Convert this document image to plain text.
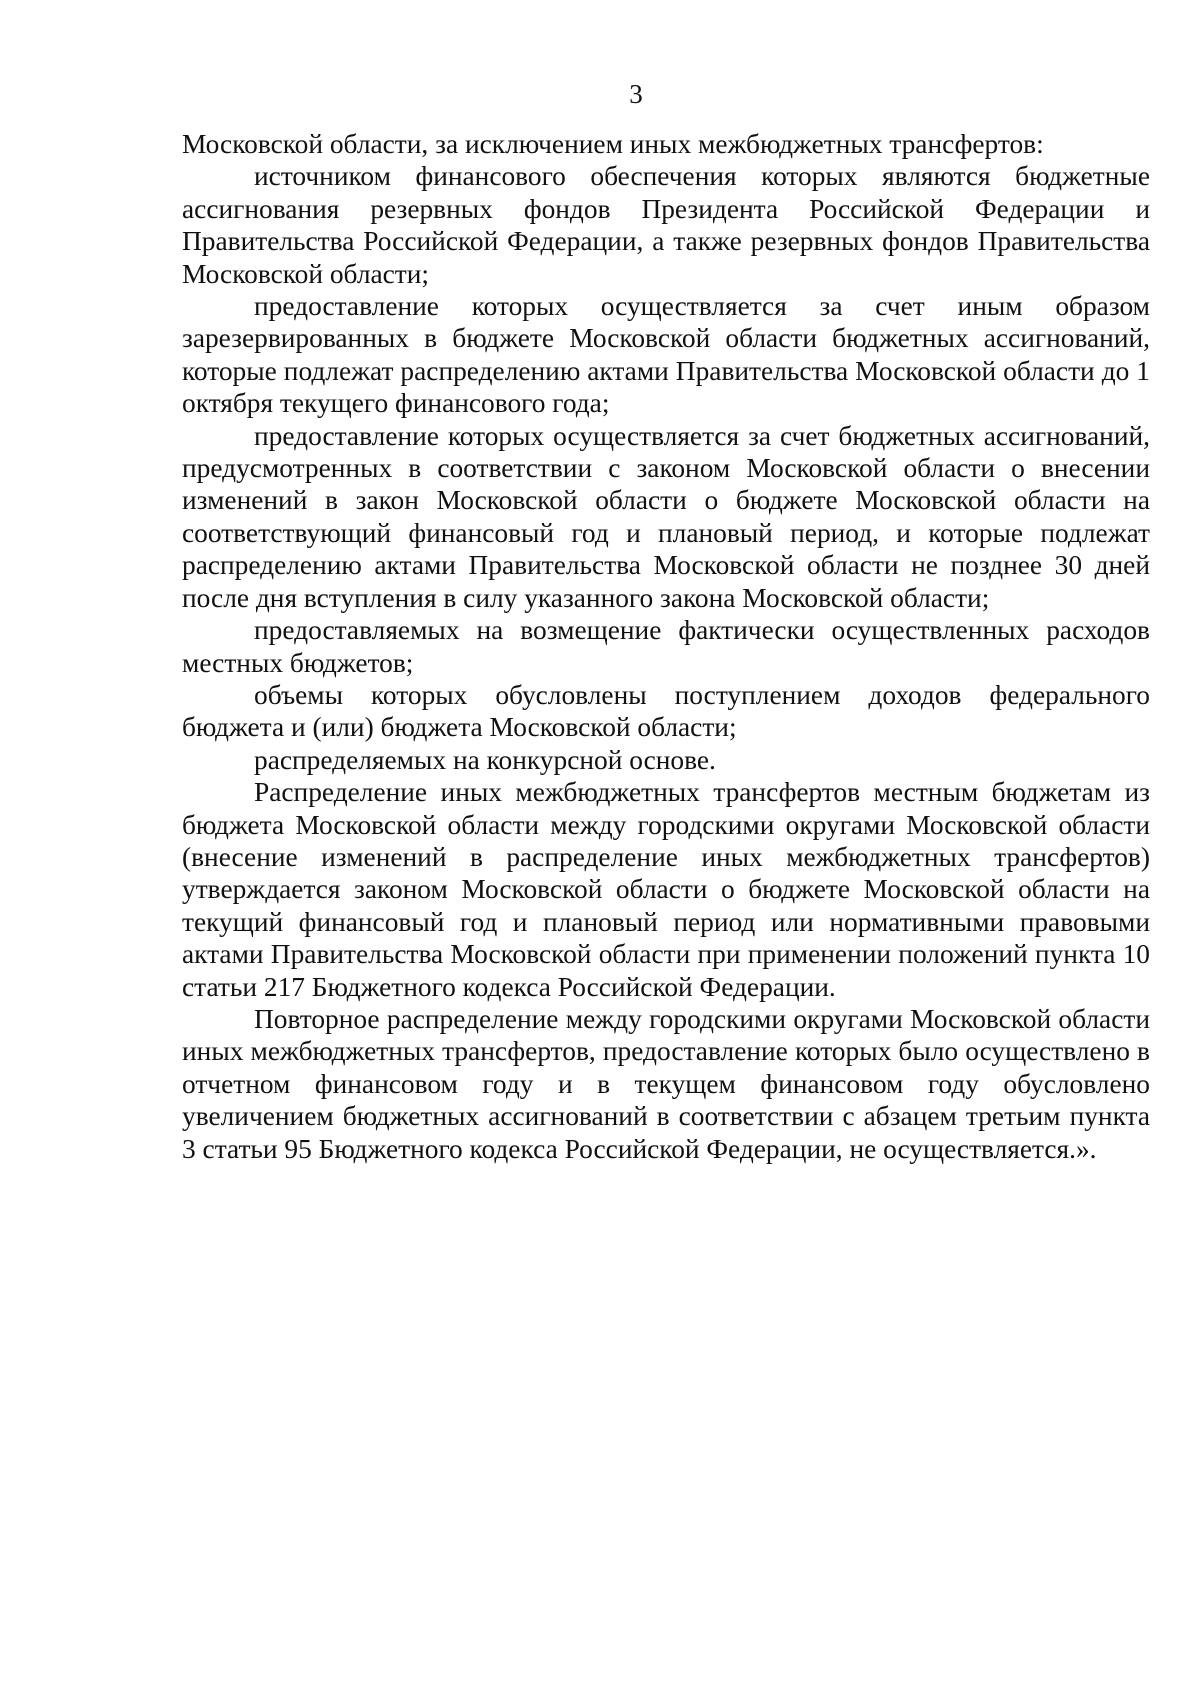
3

Московской области, за исключением иных межбюджетных трансфертов:

источником финансового обеспечения которых являются бюджетные ассигнования резервных фондов Президента Российской Федерации и Правительства Российской Федерации, а также резервных фондов Правительства Московской области;

предоставление которых осуществляется за счет иным образом зарезервированных в бюджете Московской области бюджетных ассигнований, которые подлежат распределению актами Правительства Московской области до 1 октября текущего финансового года;

предоставление которых осуществляется за счет бюджетных ассигнований, предусмотренных в соответствии с законом Московской области о внесении изменений в закон Московской области о бюджете Московской области на соответствующий финансовый год и плановый период, и которые подлежат распределению актами Правительства Московской области не позднее 30 дней после дня вступления в силу указанного закона Московской области;

предоставляемых на возмещение фактически осуществленных расходов местных бюджетов;

объемы которых обусловлены поступлением доходов федерального бюджета и (или) бюджета Московской области;

распределяемых на конкурсной основе.

Распределение иных межбюджетных трансфертов местным бюджетам из бюджета Московской области между городскими округами Московской области (внесение изменений в распределение иных межбюджетных трансфертов) утверждается законом Московской области о бюджете Московской области на текущий финансовый год и плановый период или нормативными правовыми актами Правительства Московской области при применении положений пункта 10 статьи 217 Бюджетного кодекса Российской Федерации.

Повторное распределение между городскими округами Московской области иных межбюджетных трансфертов, предоставление которых было осуществлено в отчетном финансовом году и в текущем финансовом году обусловлено увеличением бюджетных ассигнований в соответствии с абзацем третьим пункта 3 статьи 95 Бюджетного кодекса Российской Федерации, не осуществляется.».
